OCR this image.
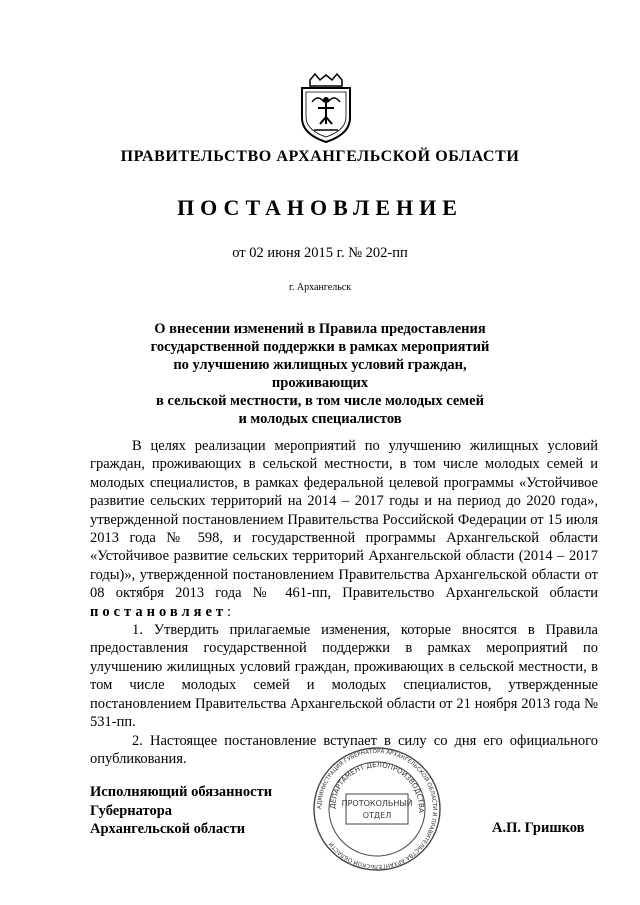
ПРАВИТЕЛЬСТВО АРХАНГЕЛЬСКОЙ ОБЛАСТИ
ПОСТАНОВЛЕНИЕ
от 02 июня 2015 г. № 202-пп
г. Архангельск
О внесении изменений в Правила предоставления
государственной поддержки в рамках мероприятий
по улучшению жилищных условий граждан, проживающих
в сельской местности, в том числе молодых семей
и молодых специалистов

В целях реализации мероприятий по улучшению жилищных условий граждан, проживающих в сельской местности, в том числе молодых семей и молодых специалистов, в рамках федеральной целевой программы «Устойчивое развитие сельских территорий на 2014 – 2017 годы и на период до 2020 года», утвержденной постановлением Правительства Российской Федерации от 15 июля 2013 года № 598, и государственной программы Архангельской области «Устойчивое развитие сельских территорий Архангельской области (2014 – 2017 годы)», утвержденной постановлением Правительства Архангельской области от 08 октября 2013 года № 461-пп, Правительство Архангельской области постановляет:

1. Утвердить прилагаемые изменения, которые вносятся в Правила предоставления государственной поддержки в рамках мероприятий по улучшению жилищных условий граждан, проживающих в сельской местности, в том числе молодых семей и молодых специалистов, утвержденные постановлением Правительства Архангельской области от 21 ноября 2013 года № 531-пп.

2. Настоящее постановление вступает в силу со дня его официального опубликования.

Исполняющий обязанности
Губернатора
Архангельской области	А.П. Гришков
АДМИНИСТРАЦИЯ ГУБЕРНАТОРА АРХАНГЕЛЬСКОЙ ОБЛАСТИ И ПРАВИТЕЛЬСТВА АРХАНГЕЛЬСКОЙ ОБЛАСТИ
ДЕПАРТАМЕНТ ДЕЛОПРОИЗВОДСТВА
ПРОТОКОЛЬНЫЙ
ОТДЕЛ
